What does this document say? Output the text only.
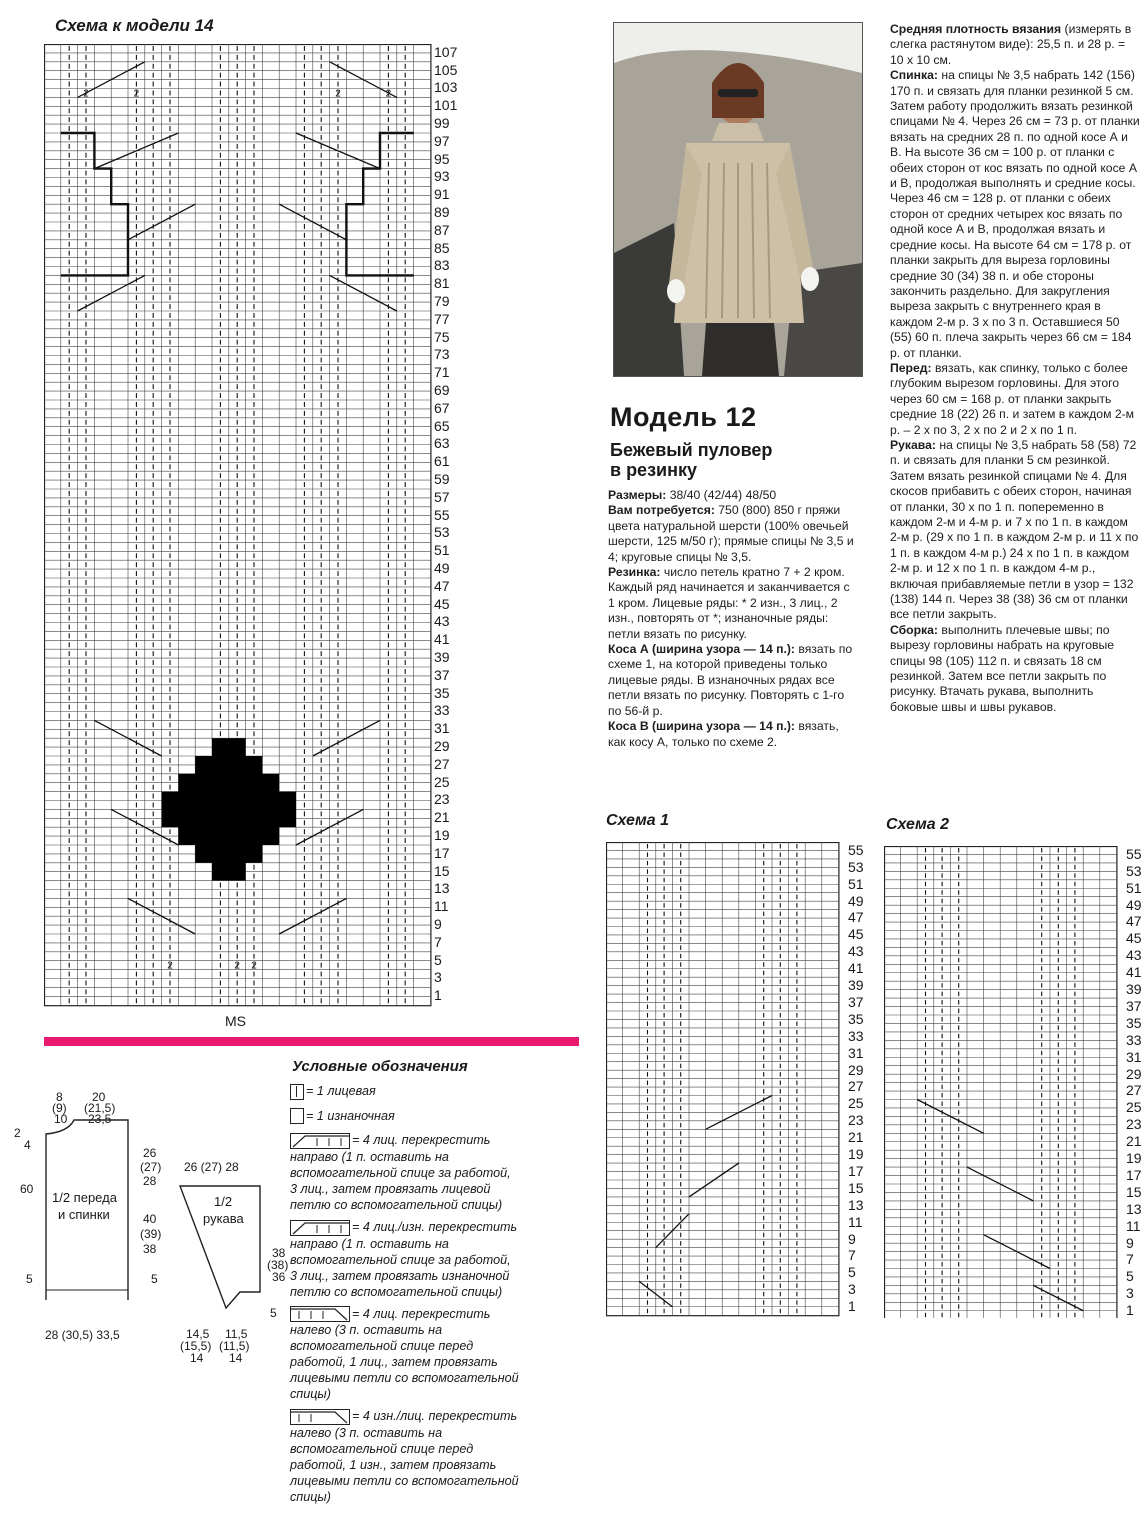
Схема к модели 14
2	2	2	2
2	2 2
107
105
103
101
99
97
95
93
91
89
87
85
83
81
79
77
75
73
71
69
67
65
63
61
59
57
55
53
51
49
47
45
43
41
39
37
35
33
31
29
27
25
23
21
19
17
15
13
11
9
7
5
3
1
MS
Модель 12
Бежевый пуловер
в резинку

Размеры: 38/40 (42/44) 48/50

Вам потребуется: 750 (800) 850 г пряжи цвета натуральной шерсти (100% овечьей шерсти, 125 м/50 г); прямые спицы № 3,5 и 4; круговые спицы № 3,5.

Резинка: число петель кратно 7 + 2 кром. Каждый ряд начинается и заканчивается с 1 кром. Лицевые ряды: * 2 изн., 3 лиц., 2 изн., повторять от *; изнаночные ряды: петли вязать по рисунку.

Коса А (ширина узора — 14 п.): вязать по схеме 1, на которой приведены только лицевые ряды. В изнаночных рядах все петли вязать по рисунку. Повторять с 1-го по 56-й р.

Коса В (ширина узора — 14 п.): вязать, как косу А, только по схеме 2.

Средняя плотность вязания (измерять в слегка растянутом виде): 25,5 п. и 28 р. = 10 х 10 см.

Спинка: на спицы № 3,5 набрать 142 (156) 170 п. и связать для планки резинкой 5 см. Затем работу продолжить вязать резинкой спицами № 4. Через 26 см = 73 р. от планки вязать на средних 28 п. по одной косе А и В. На высоте 36 см = 100 р. от планки с обеих сторон от кос вязать по одной косе А и В, продолжая выполнять и средние косы. Через 46 см = 128 р. от планки с обеих сторон от средних четырех кос вязать по одной косе А и В, продолжая вязать и средние косы. На высоте 64 см = 178 р. от планки закрыть для выреза горловины средние 30 (34) 38 п. и обе стороны закончить раздельно. Для закругления выреза закрыть с внутреннего края в каждом 2-м р. 3 х по 3 п. Оставшиеся 50 (55) 60 п. плеча закрыть через 66 см = 184 р. от планки.

Перед: вязать, как спинку, только с более глубоким вырезом горловины. Для этого через 60 см = 168 р. от планки закрыть средние 18 (22) 26 п. и затем в каждом 2-м р. – 2 х по 3, 2 х по 2 и 2 х по 1 п.

Рукава: на спицы № 3,5 набрать 58 (58) 72 п. и связать для планки 5 см резинкой. Затем вязать резинкой спицами № 4. Для скосов прибавить с обеих сторон, начиная от планки, 30 х по 1 п. попеременно в каждом 2-м и 4-м р. и 7 х по 1 п. в каждом 2-м р. (29 х по 1 п. в каждом 2-м р. и 11 х по 1 п. в каждом 4-м р.) 24 х по 1 п. в каждом 2-м р. и 12 х по 1 п. в каждом 4-м р., включая прибавляемые петли в узор = 132 (138) 144 п. Через 38 (38) 36 см от планки все петли закрыть.

Сборка: выполнить плечевые швы; по вырезу горловины набрать на круговые спицы 98 (105) 112 п. и связать 18 см резинкой. Затем все петли закрыть по рисунку. Втачать рукава, выполнить боковые швы и швы рукавов.

Схема 1
55
53
51
49
47
45
43
41
39
37
35
33
31
29
27
25
23
21
19
17
15
13
11
9
7
5
3
1
Схема 2
55
53
51
49
47
45
43
41
39
37
35
33
31
29
27
25
23
21
19
17
15
13
11
9
7
5
3
1
Условные обозначения
= 1 лицевая
= 1 изнаночная
= 4 лиц. перекрестить направо (1 п. оставить на вспомогательной спице за работой, 3 лиц., затем провязать лицевой петлю со вспомогательной спицы)
= 4 лиц./изн. перекрестить направо (1 п. оставить на вспомогательной спице за работой, 3 лиц., затем провязать изнаночной петлю со вспомогательной спицы)
= 4 лиц. перекрестить налево (3 п. оставить на вспомогательной спице перед работой, 1 лиц., затем провязать лицевыми петли со вспомогательной спицы)
= 4 изн./лиц. перекрестить налево (3 п. оставить на вспомогательной спице перед работой, 1 изн., затем провязать лицевыми петли со вспомогательной спицы)
1/2 переда
и спинки
8
(9)
10
20
(21,5)
23,5
2
4
60
26
(27)
28
40
(39)
38
5	5
28 (30,5) 33,5
26 (27) 28
1/2
рукава
38
(38)
36
5
14,5
(15,5)
14
11,5
(11,5)
14
